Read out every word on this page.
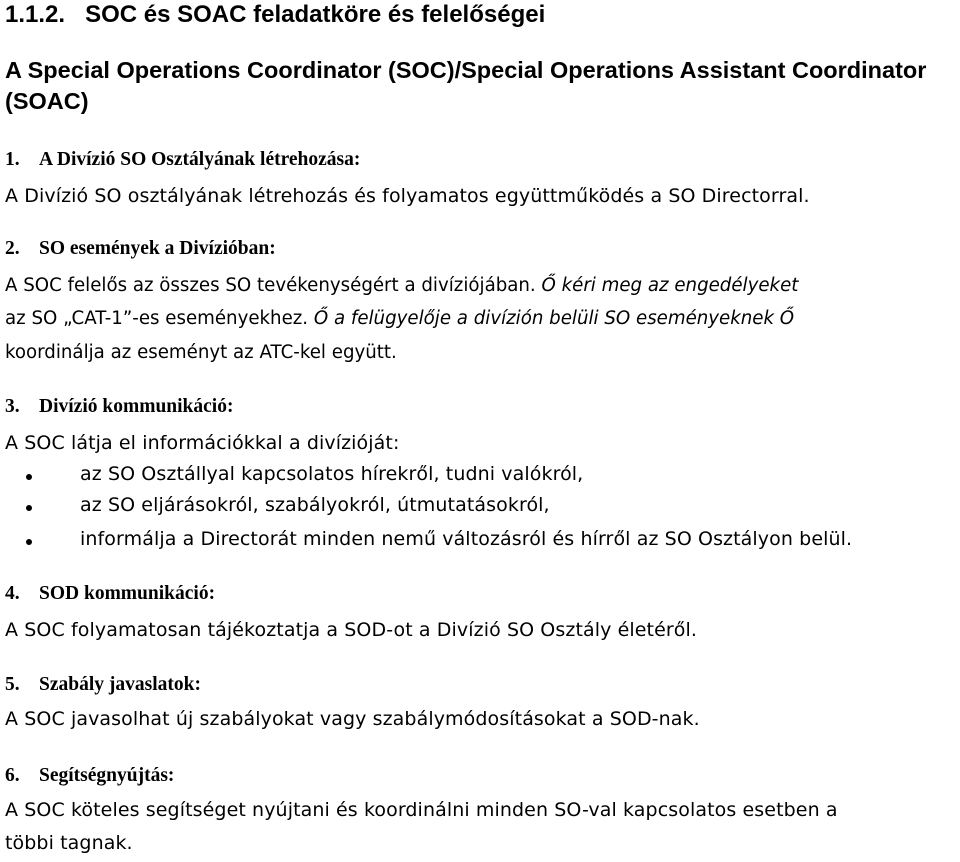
1.1.2. SOC és SOAC feladatköre és felelőségei
A Special Operations Coordinator (SOC)/Special Operations Assistant Coordinator (SOAC)
1. A Divízió SO Osztályának létrehozása:
A Divízió SO osztályának létrehozás és folyamatos együttműködés a SO Directorral.
2. SO események a Divízióban:
A SOC felelős az összes SO tevékenységért a divíziójában. Ő kéri meg az engedélyeket
az SO „CAT-1”-es eseményekhez. Ő a felügyelője a divízión belüli SO eseményeknek Ő
koordinálja az eseményt az ATC-kel együtt.
3. Divízió kommunikáció:
A SOC látja el információkkal a divízióját:
az SO Osztállyal kapcsolatos hírekről, tudni valókról,
az SO eljárásokról, szabályokról, útmutatásokról,
informálja a Directorát minden nemű változásról és hírről az SO Osztályon belül.
4. SOD kommunikáció:
A SOC folyamatosan tájékoztatja a SOD-ot a Divízió SO Osztály életéről.
5. Szabály javaslatok:
A SOC javasolhat új szabályokat vagy szabálymódosításokat a SOD-nak.
6. Segítségnyújtás:
A SOC köteles segítséget nyújtani és koordinálni minden SO-val kapcsolatos esetben a
többi tagnak.
